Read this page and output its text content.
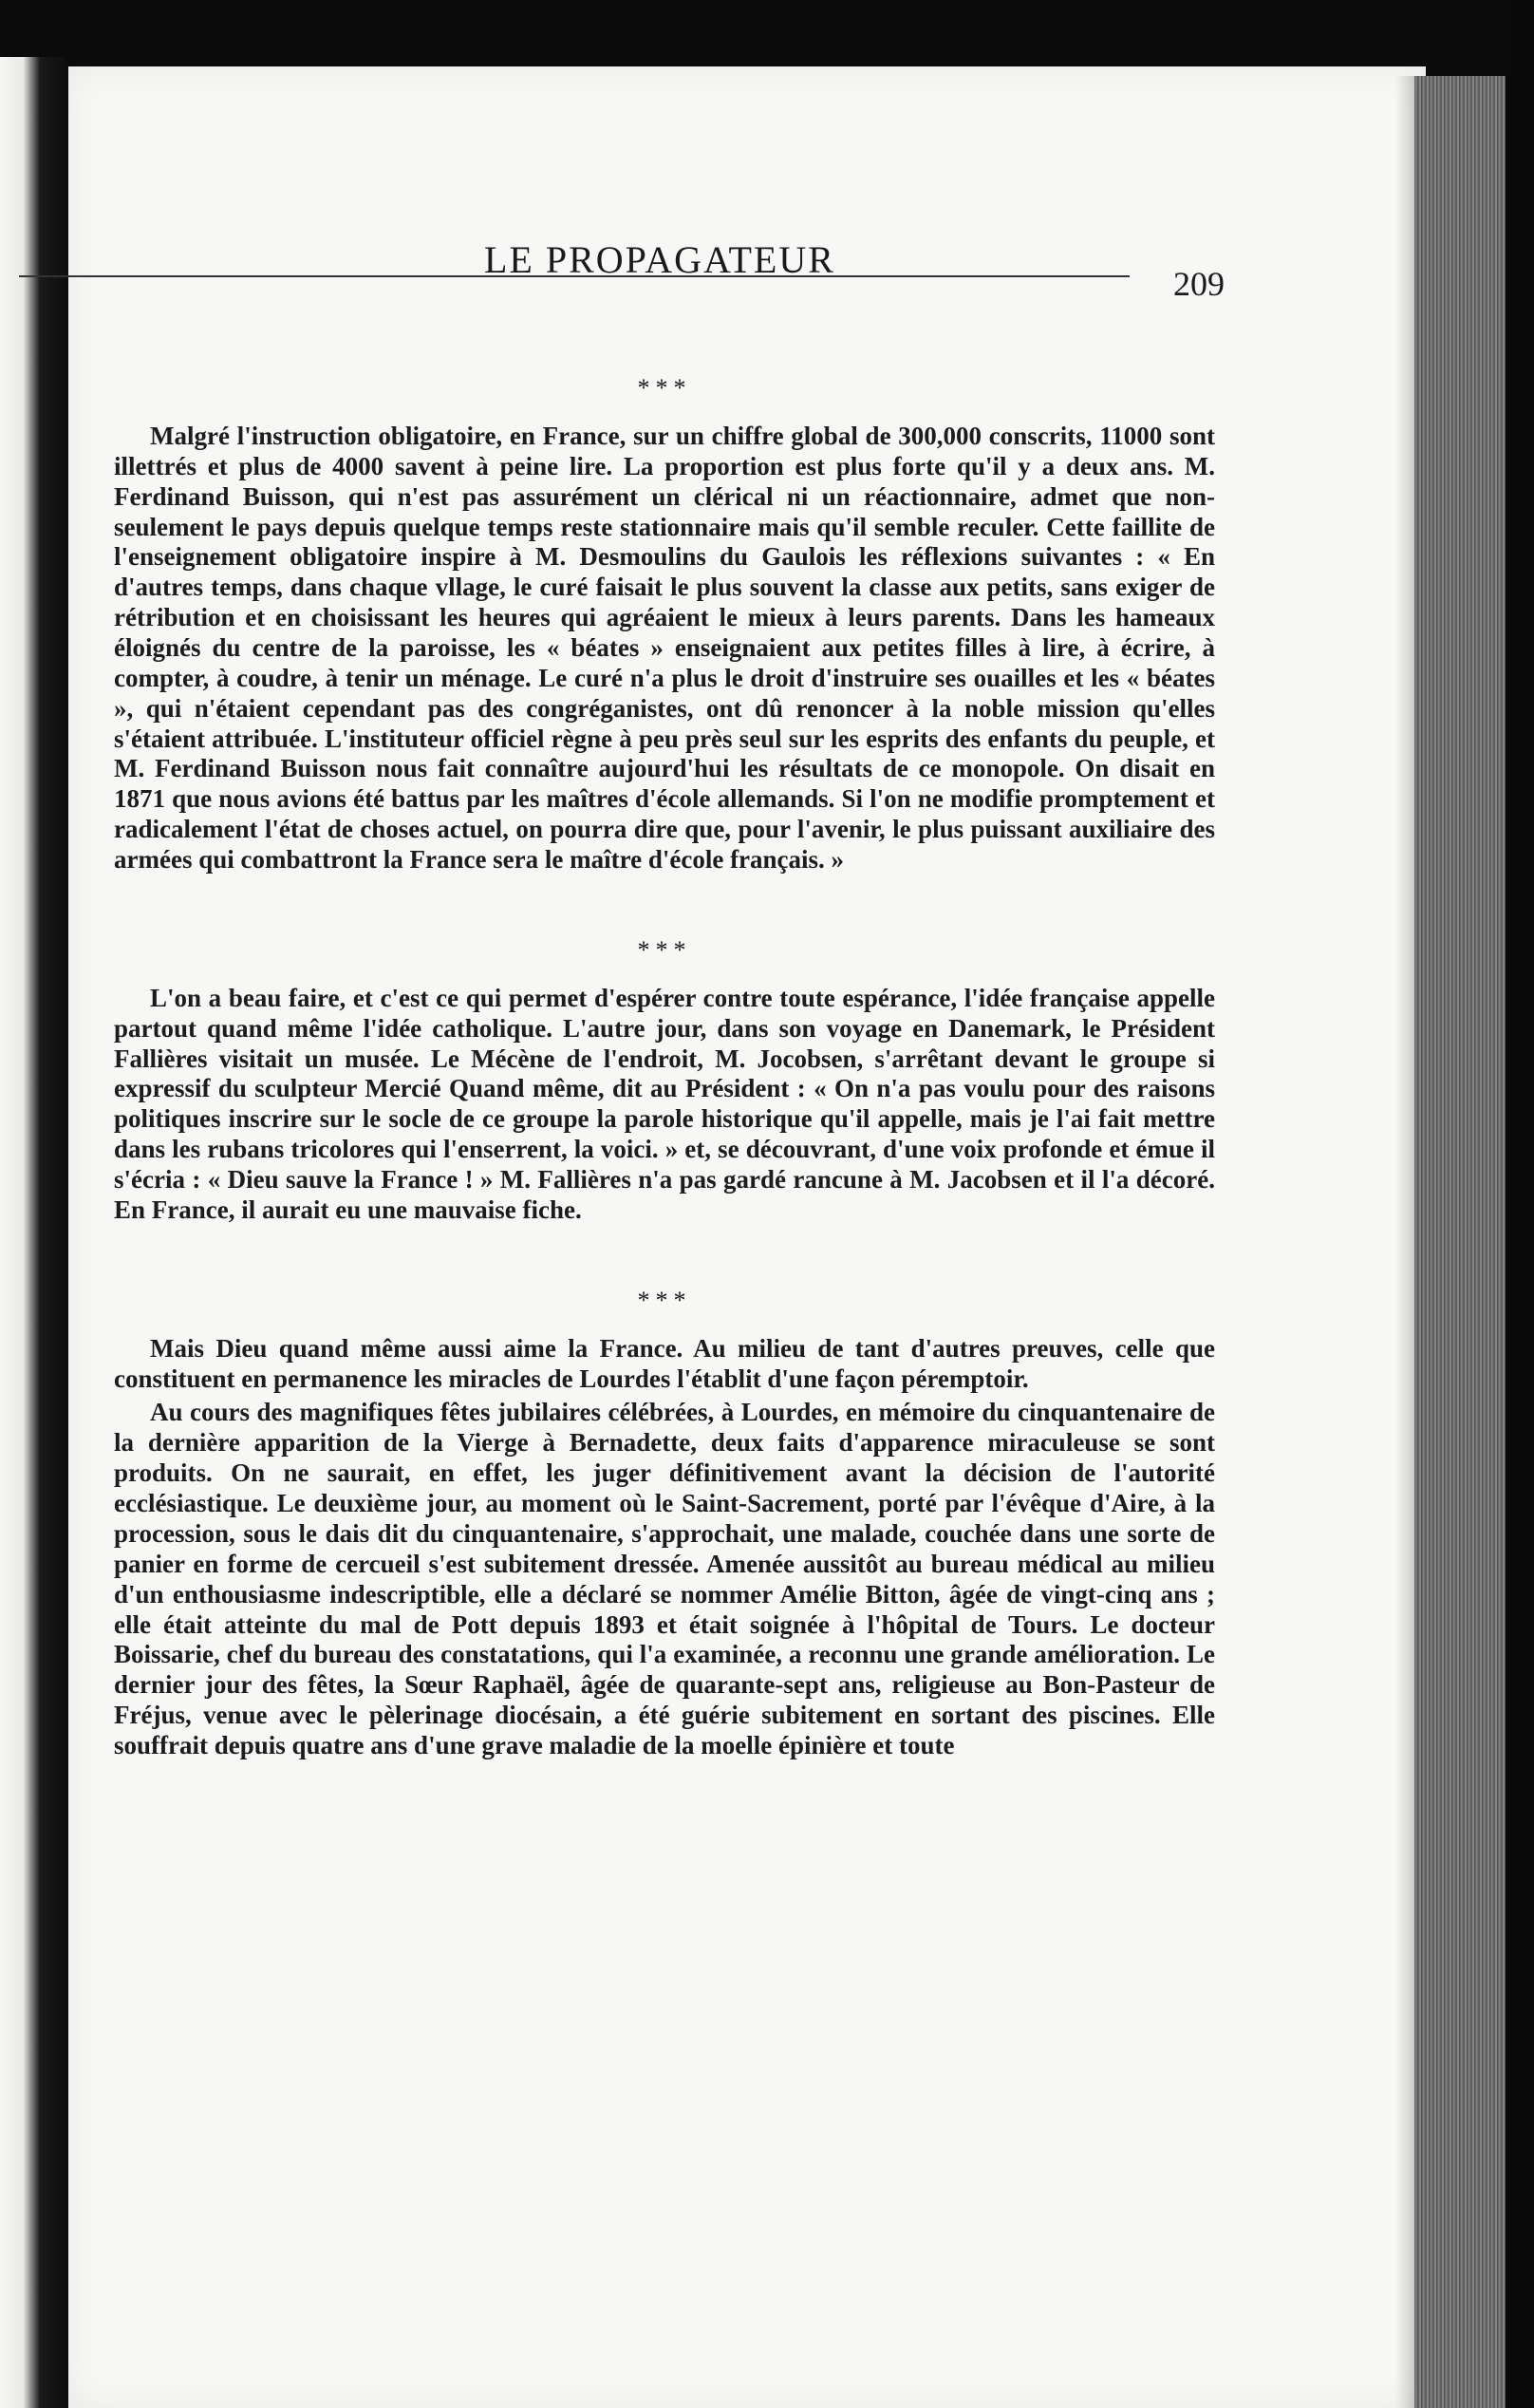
LE PROPAGATEUR
209
***

Malgré l'instruction obligatoire, en France, sur un chiffre global de 300,000 conscrits, 11000 sont illettrés et plus de 4000 savent à peine lire. La proportion est plus forte qu'il y a deux ans. M. Ferdinand Buisson, qui n'est pas assurément un clérical ni un réactionnaire, admet que non-seulement le pays depuis quelque temps reste stationnaire mais qu'il semble reculer. Cette faillite de l'enseignement obligatoire inspire à M. Desmoulins du Gaulois les réflexions suivantes : « En d'autres temps, dans chaque vllage, le curé faisait le plus souvent la classe aux petits, sans exiger de rétribution et en choisissant les heures qui agréaient le mieux à leurs parents. Dans les hameaux éloignés du centre de la paroisse, les « béates » enseignaient aux petites filles à lire, à écrire, à compter, à coudre, à tenir un ménage. Le curé n'a plus le droit d'instruire ses ouailles et les « béates », qui n'étaient cependant pas des congréganistes, ont dû renoncer à la noble mission qu'elles s'étaient attribuée. L'instituteur officiel règne à peu près seul sur les esprits des enfants du peuple, et M. Ferdinand Buisson nous fait connaître aujourd'hui les résultats de ce monopole. On disait en 1871 que nous avions été battus par les maîtres d'école allemands. Si l'on ne modifie promptement et radicalement l'état de choses actuel, on pourra dire que, pour l'avenir, le plus puissant auxiliaire des armées qui combattront la France sera le maître d'école français. »

***

L'on a beau faire, et c'est ce qui permet d'espérer contre toute espérance, l'idée française appelle partout quand même l'idée catholique. L'autre jour, dans son voyage en Danemark, le Président Fallières visitait un musée. Le Mécène de l'endroit, M. Jocobsen, s'arrêtant devant le groupe si expressif du sculpteur Mercié Quand même, dit au Président : « On n'a pas voulu pour des raisons politiques inscrire sur le socle de ce groupe la parole historique qu'il appelle, mais je l'ai fait mettre dans les rubans tricolores qui l'enserrent, la voici. » et, se découvrant, d'une voix profonde et émue il s'écria : « Dieu sauve la France ! » M. Fallières n'a pas gardé rancune à M. Jacobsen et il l'a décoré. En France, il aurait eu une mauvaise fiche.

***

Mais Dieu quand même aussi aime la France. Au milieu de tant d'autres preuves, celle que constituent en permanence les miracles de Lourdes l'établit d'une façon péremptoir.

Au cours des magnifiques fêtes jubilaires célébrées, à Lourdes, en mémoire du cinquantenaire de la dernière apparition de la Vierge à Bernadette, deux faits d'apparence miraculeuse se sont produits. On ne saurait, en effet, les juger définitivement avant la décision de l'autorité ecclésiastique. Le deuxième jour, au moment où le Saint-Sacrement, porté par l'évêque d'Aire, à la procession, sous le dais dit du cinquantenaire, s'approchait, une malade, couchée dans une sorte de panier en forme de cercueil s'est subitement dressée. Amenée aussitôt au bureau médical au milieu d'un enthousiasme indescriptible, elle a déclaré se nommer Amélie Bitton, âgée de vingt-cinq ans ; elle était atteinte du mal de Pott depuis 1893 et était soignée à l'hôpital de Tours. Le docteur Boissarie, chef du bureau des constatations, qui l'a examinée, a reconnu une grande amélioration. Le dernier jour des fêtes, la Sœur Raphaël, âgée de quarante-sept ans, religieuse au Bon-Pasteur de Fréjus, venue avec le pèlerinage diocésain, a été guérie subitement en sortant des piscines. Elle souffrait depuis quatre ans d'une grave maladie de la moelle épinière et toute
